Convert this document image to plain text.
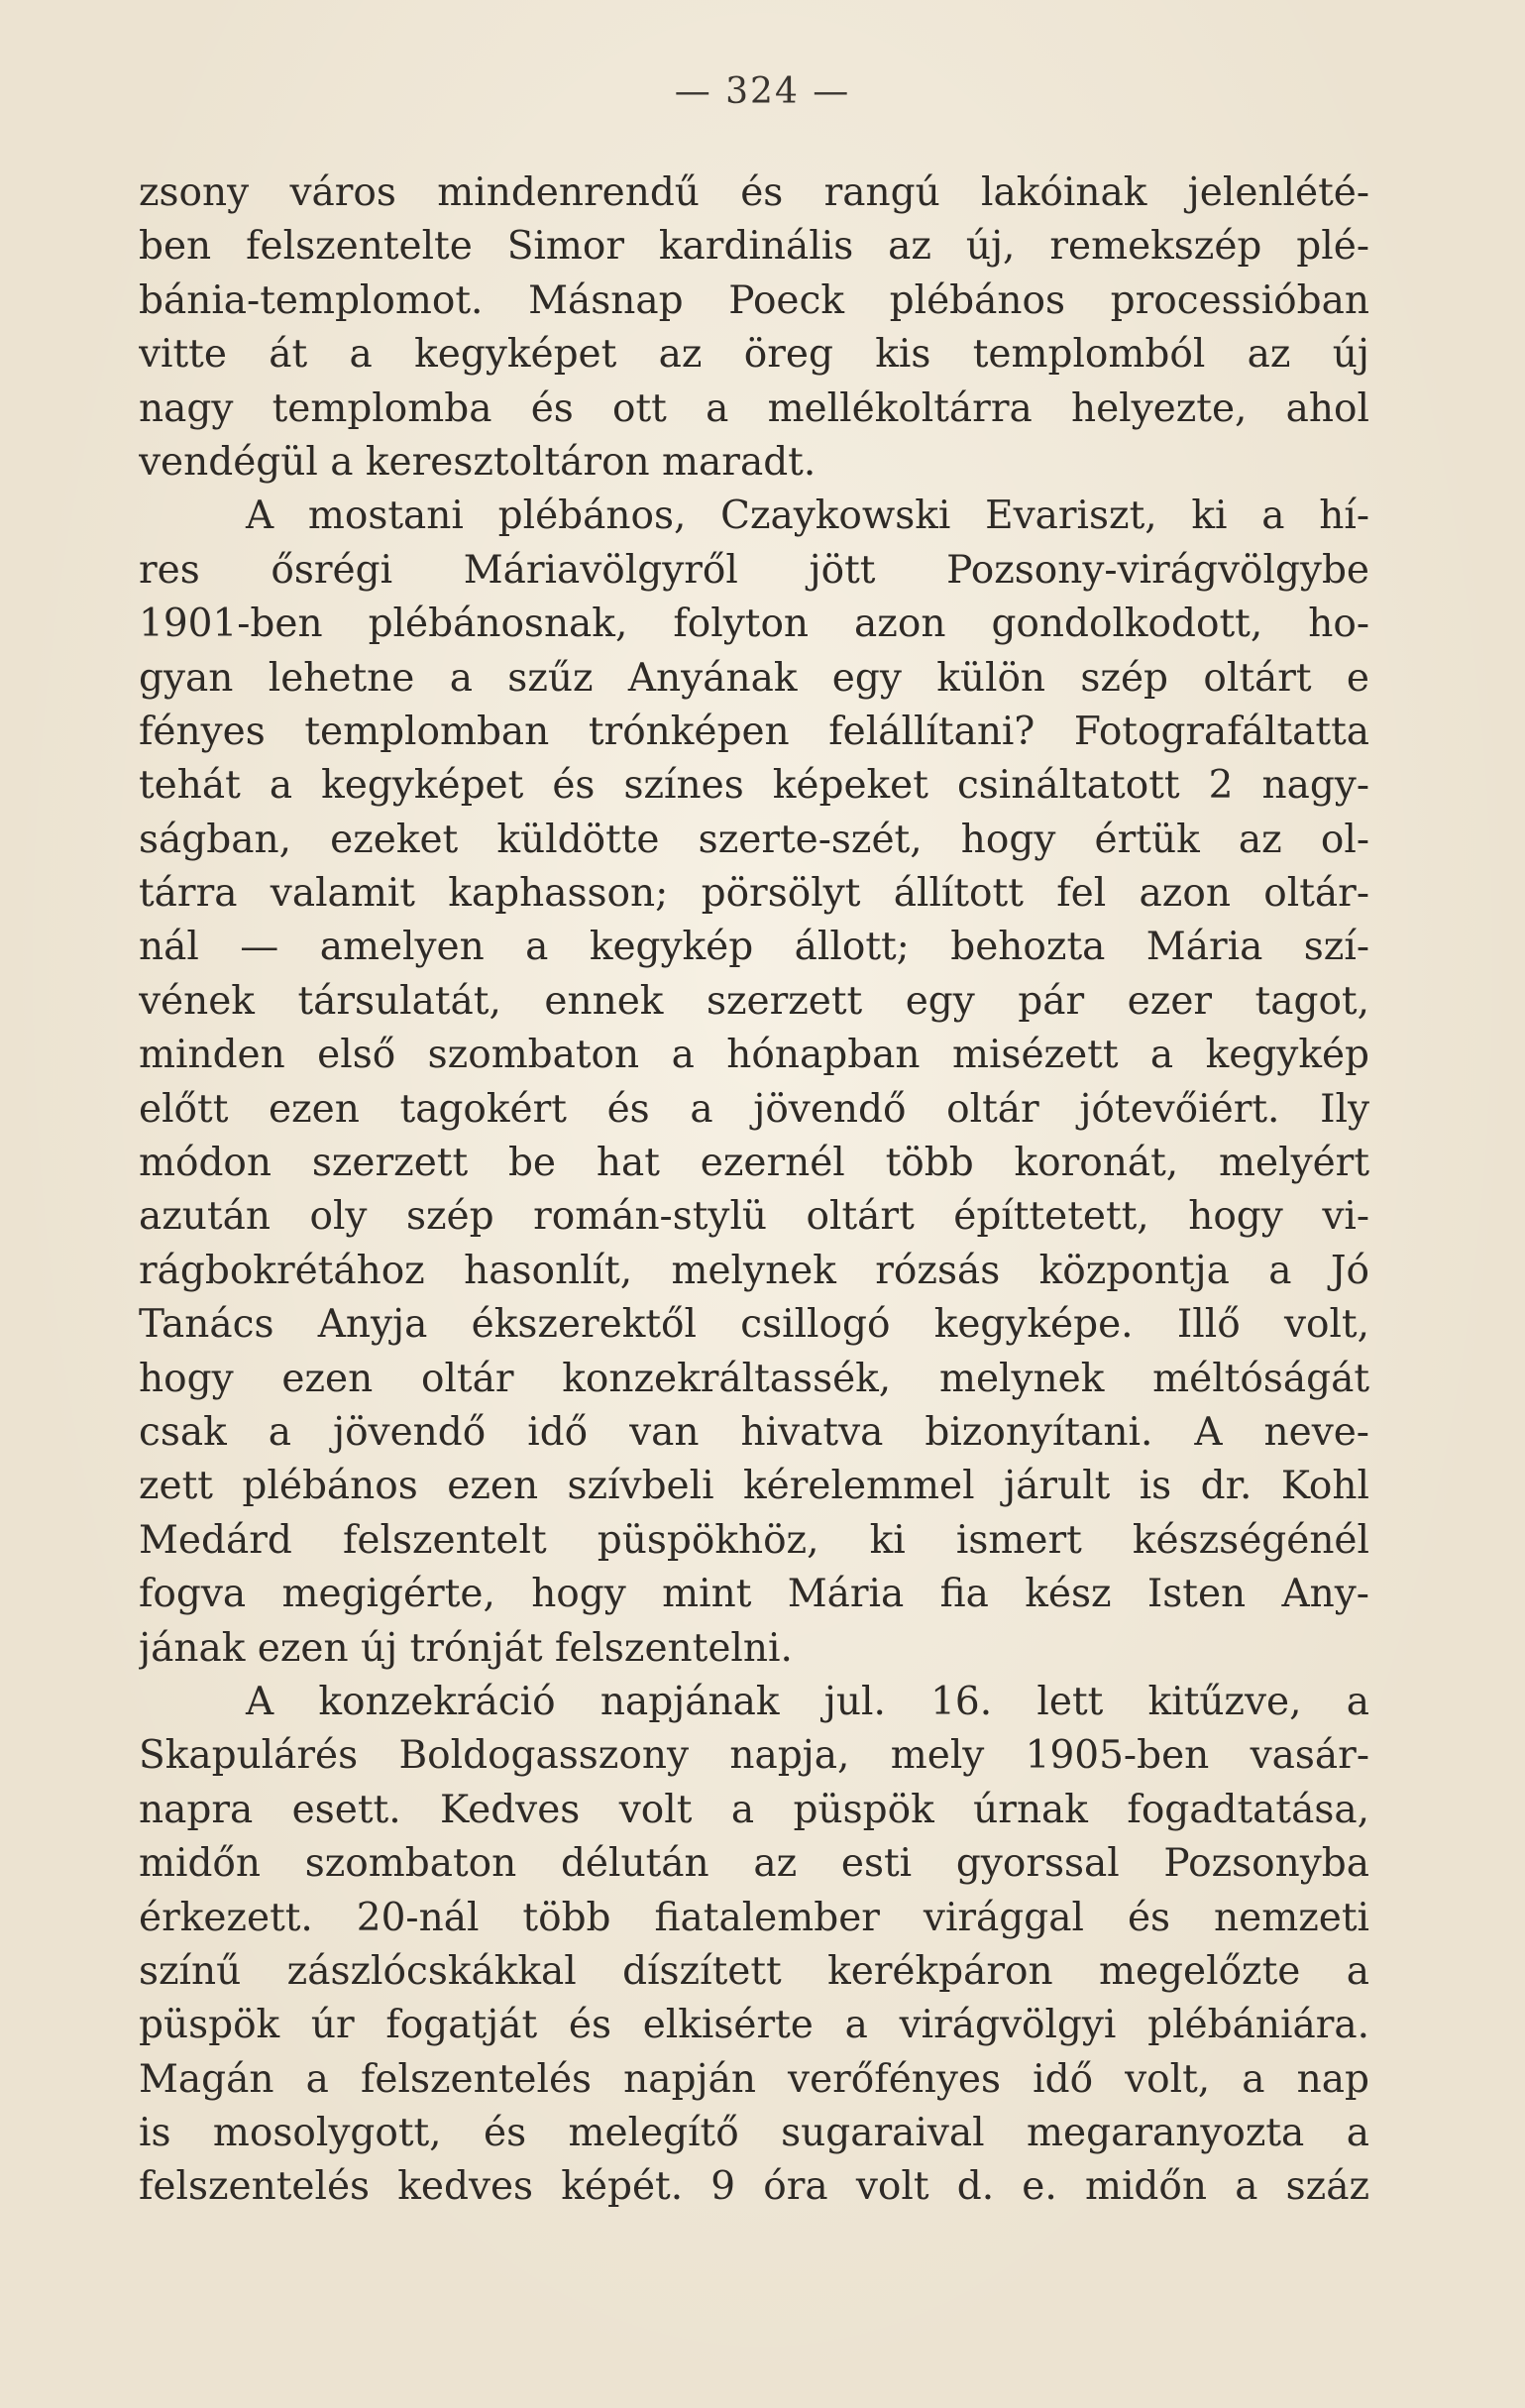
— 324 —
zsony város mindenrendű és rangú lakóinak jelenlété-
ben felszentelte Simor kardinális az új, remekszép plé-
bánia-templomot. Másnap Poeck plébános processióban
vitte át a kegyképet az öreg kis templomból az új
nagy templomba és ott a mellékoltárra helyezte, ahol
vendégül a keresztoltáron maradt.
A mostani plébános, Czaykowski Evariszt, ki a hí-
res ősrégi Máriavölgyről jött Pozsony-virágvölgybe
1901-ben plébánosnak, folyton azon gondolkodott, ho-
gyan lehetne a szűz Anyának egy külön szép oltárt e
fényes templomban trónképen felállítani? Fotografáltatta
tehát a kegyképet és színes képeket csináltatott 2 nagy-
ságban, ezeket küldötte szerte-szét, hogy értük az ol-
tárra valamit kaphasson; pörsölyt állított fel azon oltár-
nál — amelyen a kegykép állott; behozta Mária szí-
vének társulatát, ennek szerzett egy pár ezer tagot,
minden első szombaton a hónapban misézett a kegykép
előtt ezen tagokért és a jövendő oltár jótevőiért. Ily
módon szerzett be hat ezernél több koronát, melyért
azután oly szép román-stylü oltárt építtetett, hogy vi-
rágbokrétához hasonlít, melynek rózsás központja a Jó
Tanács Anyja ékszerektől csillogó kegyképe. Illő volt,
hogy ezen oltár konzekráltassék, melynek méltóságát
csak a jövendő idő van hivatva bizonyítani. A neve-
zett plébános ezen szívbeli kérelemmel járult is dr. Kohl
Medárd felszentelt püspökhöz, ki ismert készségénél
fogva megigérte, hogy mint Mária fia kész Isten Any-
jának ezen új trónját felszentelni.
A konzekráció napjának jul. 16. lett kitűzve, a
Skapulárés Boldogasszony napja, mely 1905-ben vasár-
napra esett. Kedves volt a püspök úrnak fogadtatása,
midőn szombaton délután az esti gyorssal Pozsonyba
érkezett. 20-nál több fiatalember virággal és nemzeti
színű zászlócskákkal díszített kerékpáron megelőzte a
püspök úr fogatját és elkisérte a virágvölgyi plébániára.
Magán a felszentelés napján verőfényes idő volt, a nap
is mosolygott, és melegítő sugaraival megaranyozta a
felszentelés kedves képét. 9 óra volt d. e. midőn a száz
